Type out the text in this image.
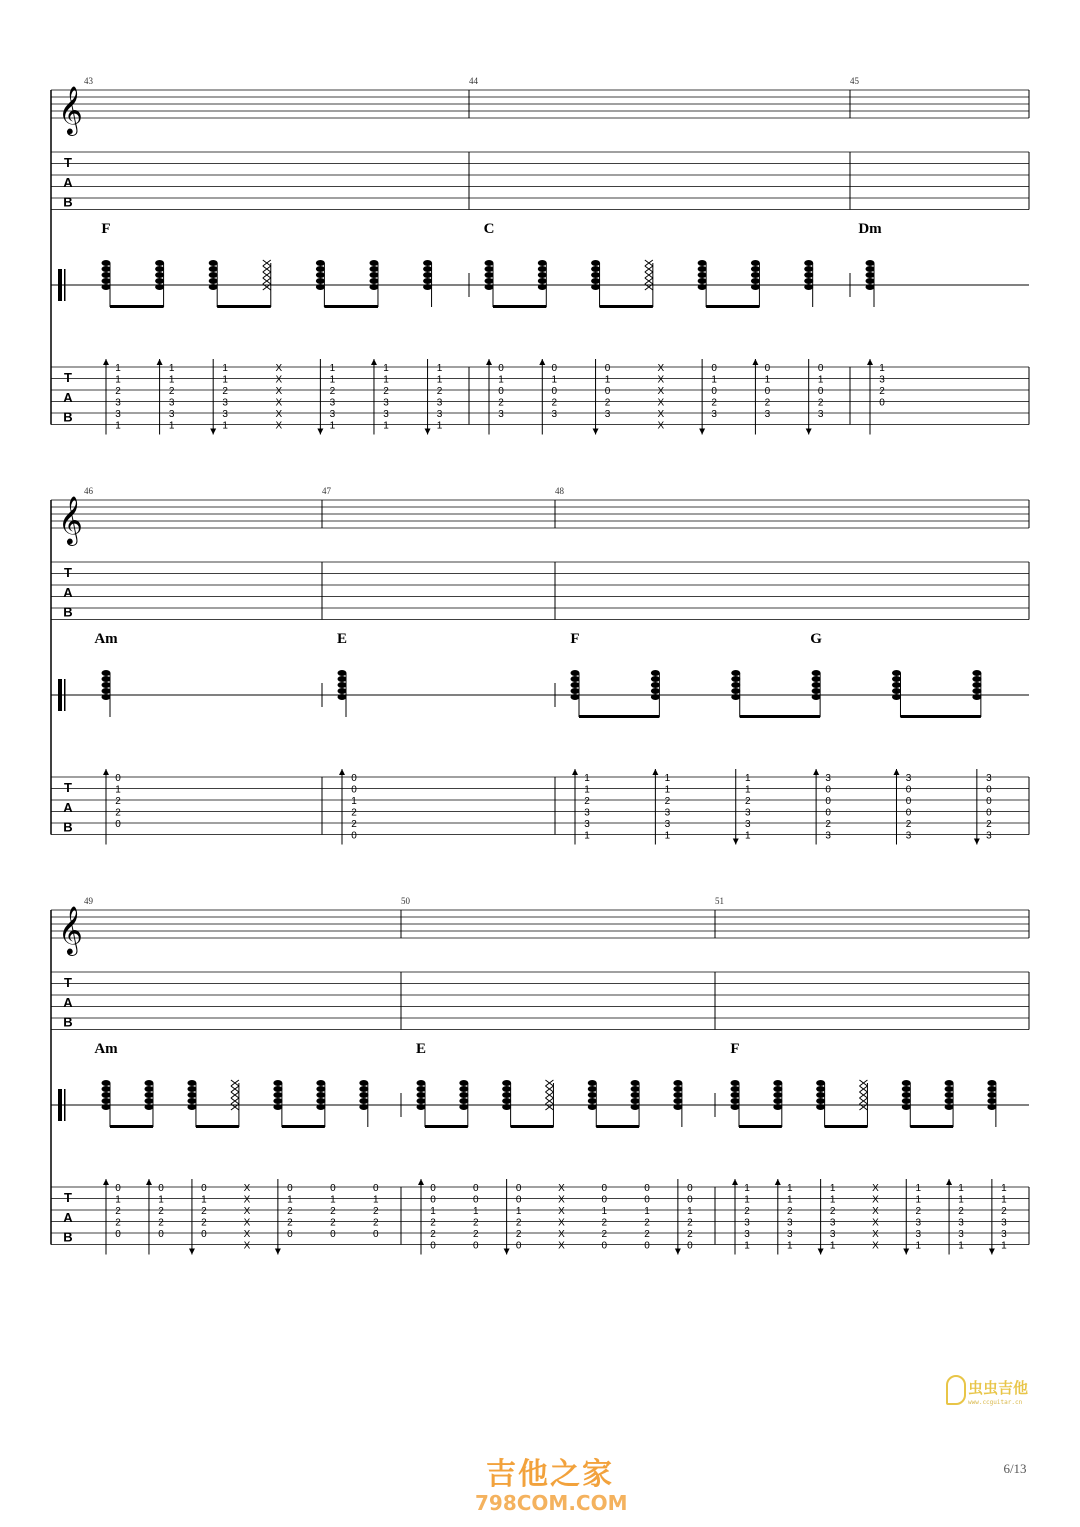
𝄞
T
A
B
T
A
B
43
F
1
1
2
3
3
1
1
1
2
3
3
1
1
1
2
3
3
1
X
X
X
X
X
X
1
1
2
3
3
1
1
1
2
3
3
1
1
1
2
3
3
1
44
C
0
1
0
2
3
0
1
0
2
3
0
1
0
2
3
X
X
X
X
X
X
0
1
0
2
3
0
1
0
2
3
0
1
0
2
3
45
Dm
1
3
2
0
𝄞
T
A
B
T
A
B
46
Am
0
1
2
2
0
47
E
0
0
1
2
2
0
48
F
1
1
2
3
3
1
1
1
2
3
3
1
1
1
2
3
3
1
G
3
0
0
0
2
3
3
0
0
0
2
3
3
0
0
0
2
3
𝄞
T
A
B
T
A
B
49
Am
0
1
2
2
0
0
1
2
2
0
0
1
2
2
0
X
X
X
X
X
X
0
1
2
2
0
0
1
2
2
0
0
1
2
2
0
50
E
0
0
1
2
2
0
0
0
1
2
2
0
0
0
1
2
2
0
X
X
X
X
X
X
0
0
1
2
2
0
0
0
1
2
2
0
0
0
1
2
2
0
51
F
1
1
2
3
3
1
1
1
2
3
3
1
1
1
2
3
3
1
X
X
X
X
X
X
1
1
2
3
3
1
1
1
2
3
3
1
1
1
2
3
3
1
虫虫吉他
www.ccguitar.cn
吉他之家
798COM.COM
6/13
